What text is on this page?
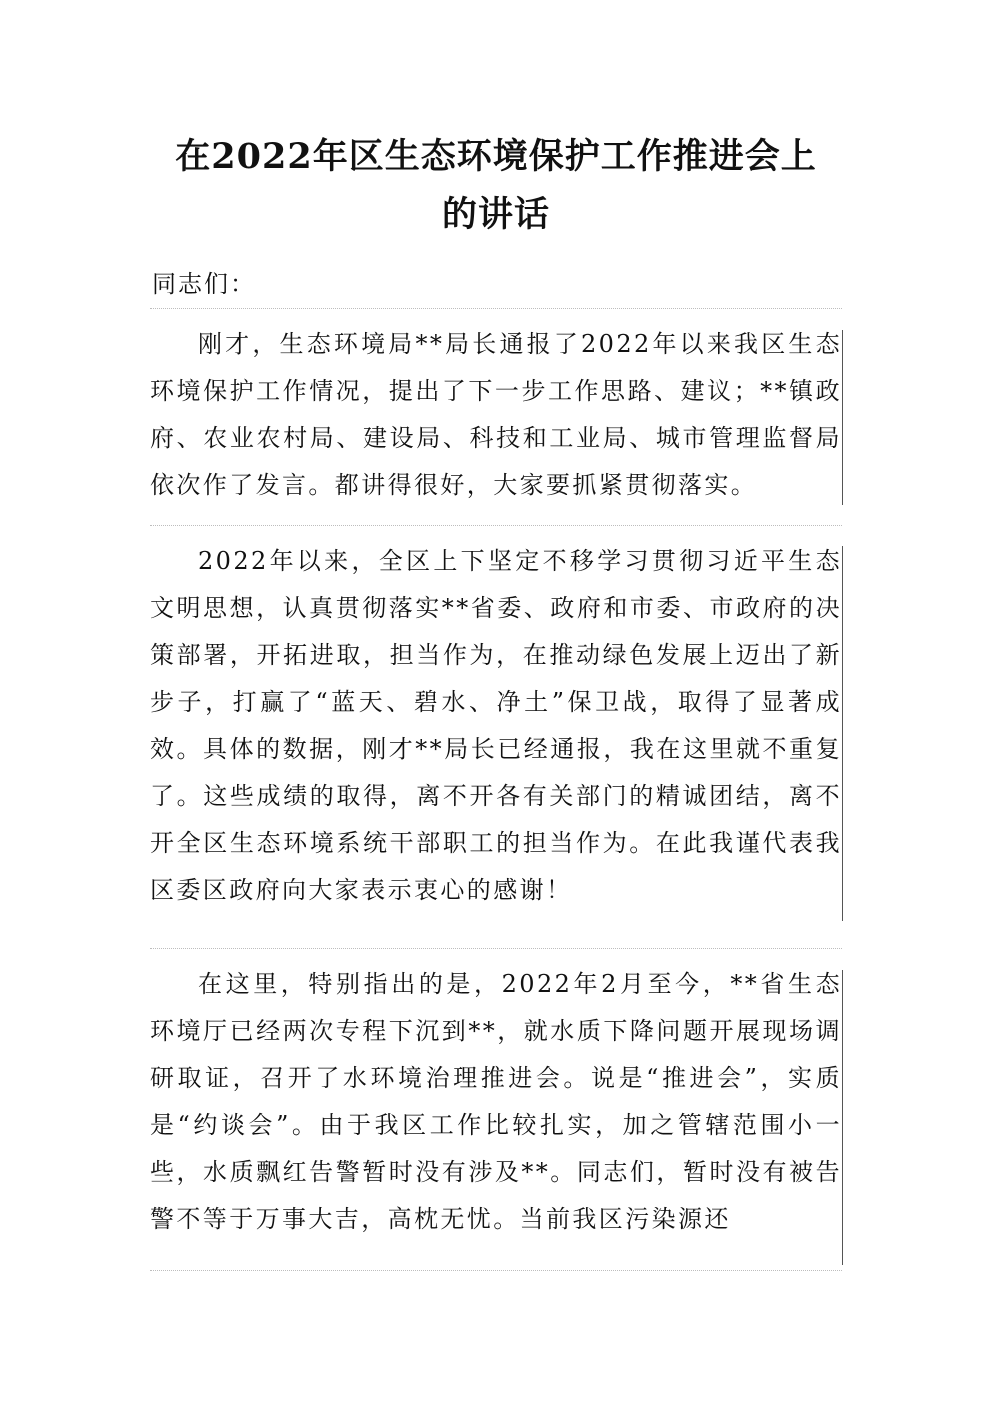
在2022年区生态环境保护工作推进会上
的讲话
同志们：
刚才，生态环境局**局长通报了2022年以来我区生态环境保护工作情况，提出了下一步工作思路、建议；**镇政府、农业农村局、建设局、科技和工业局、城市管理监督局依次作了发言。都讲得很好，大家要抓紧贯彻落实。
2022年以来，全区上下坚定不移学习贯彻习近平生态文明思想，认真贯彻落实**省委、政府和市委、市政府的决策部署，开拓进取，担当作为，在推动绿色发展上迈出了新步子，打赢了“蓝天、碧水、净土”保卫战，取得了显著成效。具体的数据，刚才**局长已经通报，我在这里就不重复了。这些成绩的取得，离不开各有关部门的精诚团结，离不开全区生态环境系统干部职工的担当作为。在此我谨代表我区委区政府向大家表示衷心的感谢！
在这里，特别指出的是，2022年2月至今，**省生态环境厅已经两次专程下沉到**，就水质下降问题开展现场调研取证，召开了水环境治理推进会。说是“推进会”，实质是“约谈会”。由于我区工作比较扎实，加之管辖范围小一些，水质飘红告警暂时没有涉及**。同志们，暂时没有被告警不等于万事大吉，高枕无忧。当前我区污染源还
